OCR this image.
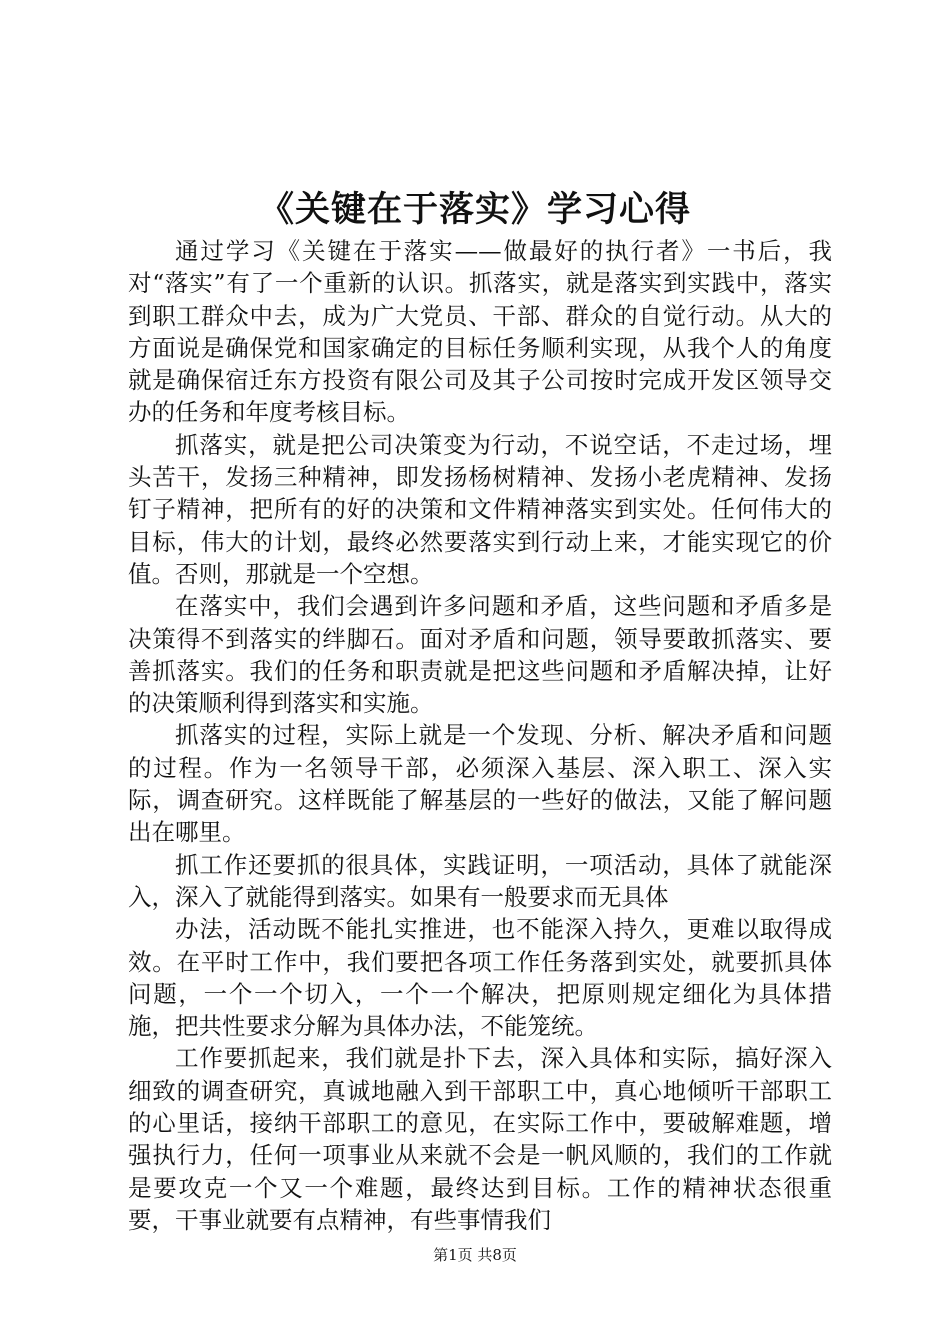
《关键在于落实》学习心得

通过学习《关键在于落实——做最好的执行者》一书后，我对“落实”有了一个重新的认识。抓落实，就是落实到实践中，落实到职工群众中去，成为广大党员、干部、群众的自觉行动。从大的方面说是确保党和国家确定的目标任务顺利实现，从我个人的角度就是确保宿迁东方投资有限公司及其子公司按时完成开发区领导交办的任务和年度考核目标。

抓落实，就是把公司决策变为行动，不说空话，不走过场，埋头苦干，发扬三种精神，即发扬杨树精神、发扬小老虎精神、发扬钉子精神，把所有的好的决策和文件精神落实到实处。任何伟大的目标，伟大的计划，最终必然要落实到行动上来，才能实现它的价值。否则，那就是一个空想。

在落实中，我们会遇到许多问题和矛盾，这些问题和矛盾多是决策得不到落实的绊脚石。面对矛盾和问题，领导要敢抓落实、要善抓落实。我们的任务和职责就是把这些问题和矛盾解决掉，让好的决策顺利得到落实和实施。

抓落实的过程，实际上就是一个发现、分析、解决矛盾和问题的过程。作为一名领导干部，必须深入基层、深入职工、深入实际，调查研究。这样既能了解基层的一些好的做法，又能了解问题出在哪里。

抓工作还要抓的很具体，实践证明，一项活动，具体了就能深入，深入了就能得到落实。如果有一般要求而无具体

办法，活动既不能扎实推进，也不能深入持久，更难以取得成效。在平时工作中，我们要把各项工作任务落到实处，就要抓具体问题，一个一个切入，一个一个解决，把原则规定细化为具体措施，把共性要求分解为具体办法，不能笼统。

工作要抓起来，我们就是扑下去，深入具体和实际，搞好深入细致的调查研究，真诚地融入到干部职工中，真心地倾听干部职工的心里话，接纳干部职工的意见，在实际工作中，要破解难题，增强执行力，任何一项事业从来就不会是一帆风顺的，我们的工作就是要攻克一个又一个难题，最终达到目标。工作的精神状态很重要，干事业就要有点精神，有些事情我们

第1页 共8页
